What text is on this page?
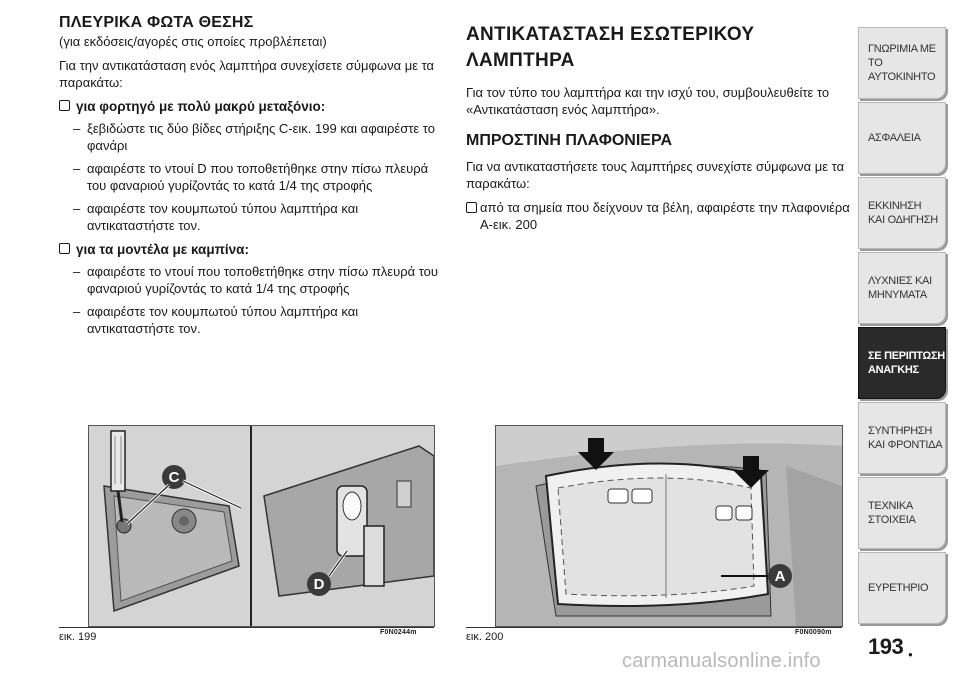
ΠΛΕΥΡΙΚΑ ΦΩΤΑ ΘΕΣΗΣ
(για εκδόσεις/αγορές στις οποίες προβλέπεται)

Για την αντικατάσταση ενός λαμπτήρα συνεχίσετε σύμφωνα με τα παρακάτω:

για φορτηγό με πολύ μακρύ μεταξόνιο:
– ξεβιδώστε τις δύο βίδες στήριξης C-εικ. 199 και αφαιρέστε το φανάρι
– αφαιρέστε το ντουί D που τοποθετήθηκε στην πίσω πλευρά του φαναριού γυρίζοντάς το κατά 1/4 της στροφής
– αφαιρέστε τον κουμπωτού τύπου λαμπτήρα και αντικαταστήστε τον.
για τα μοντέλα με καμπίνα:
– αφαιρέστε το ντουί που τοποθετήθηκε στην πίσω πλευρά του φαναριού γυρίζοντάς το κατά 1/4 της στροφής
– αφαιρέστε τον κουμπωτού τύπου λαμπτήρα και αντικαταστήστε τον.
ΑΝΤΙΚΑΤΑΣΤΑΣΗ ΕΣΩΤΕΡΙΚΟΥ
ΛΑΜΠΤΗΡΑ

Για τον τύπο του λαμπτήρα και την ισχύ του, συμβουλευθείτε το «Αντικατάσταση ενός λαμπτήρα».

ΜΠΡΟΣΤΙΝΗ ΠΛΑΦΟΝΙΕΡΑ

Για να αντικαταστήσετε τους λαμπτήρες συνεχίστε σύμφωνα με τα παρακάτω:

από τα σημεία που δείχνουν τα βέλη, αφαιρέστε την πλαφονιέρα A-εικ. 200
C
D	A
εικ. 199	F0N0244m	εικ. 200	F0N0090m
ΓΝΩΡΙΜΙΑ ΜΕ
ΤΟ ΑΥΤΟΚΙΝΗΤΟ
ΑΣΦΑΛΕΙΑ
ΕΚΚΙΝΗΣΗ
ΚΑΙ ΟΔΗΓΗΣΗ
ΛΥΧΝΙΕΣ ΚΑΙ
ΜΗΝΥΜΑΤΑ
ΣΕ ΠΕΡΙΠΤΩΣΗ
ΑΝΑΓΚΗΣ
ΣΥΝΤΗΡΗΣΗ
ΚΑΙ ΦΡΟΝΤΙΔΑ
ΤΕΧΝΙΚΑ
ΣΤΟΙΧΕΙΑ
ΕΥΡΕΤΗΡΙΟ
193 ●
carmanualsonline.info
